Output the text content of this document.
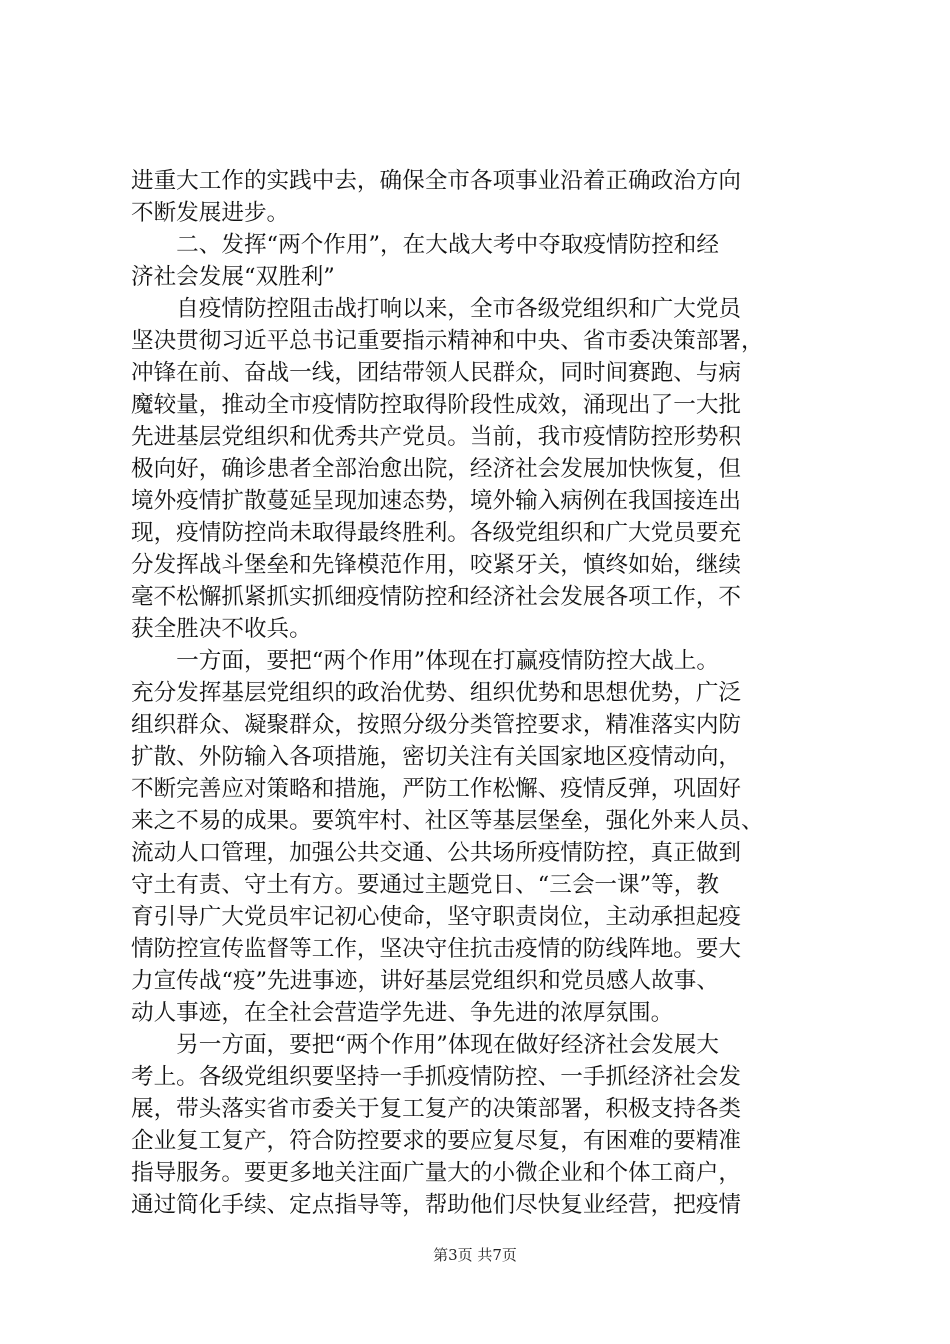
进重大工作的实践中去，确保全市各项事业沿着正确政治方向
不断发展进步。
　　二、发挥“两个作用”，在大战大考中夺取疫情防控和经
济社会发展“双胜利”
　　自疫情防控阻击战打响以来，全市各级党组织和广大党员
坚决贯彻习近平总书记重要指示精神和中央、省市委决策部署，
冲锋在前、奋战一线，团结带领人民群众，同时间赛跑、与病
魔较量，推动全市疫情防控取得阶段性成效，涌现出了一大批
先进基层党组织和优秀共产党员。当前，我市疫情防控形势积
极向好，确诊患者全部治愈出院，经济社会发展加快恢复，但
境外疫情扩散蔓延呈现加速态势，境外输入病例在我国接连出
现，疫情防控尚未取得最终胜利。各级党组织和广大党员要充
分发挥战斗堡垒和先锋模范作用，咬紧牙关，慎终如始，继续
毫不松懈抓紧抓实抓细疫情防控和经济社会发展各项工作，不
获全胜决不收兵。
　　一方面，要把“两个作用”体现在打赢疫情防控大战上。
充分发挥基层党组织的政治优势、组织优势和思想优势，广泛
组织群众、凝聚群众，按照分级分类管控要求，精准落实内防
扩散、外防输入各项措施，密切关注有关国家地区疫情动向，
不断完善应对策略和措施，严防工作松懈、疫情反弹，巩固好
来之不易的成果。要筑牢村、社区等基层堡垒，强化外来人员、
流动人口管理，加强公共交通、公共场所疫情防控，真正做到
守土有责、守土有方。要通过主题党日、“三会一课”等，教
育引导广大党员牢记初心使命，坚守职责岗位，主动承担起疫
情防控宣传监督等工作，坚决守住抗击疫情的防线阵地。要大
力宣传战“疫”先进事迹，讲好基层党组织和党员感人故事、
动人事迹，在全社会营造学先进、争先进的浓厚氛围。
　　另一方面，要把“两个作用”体现在做好经济社会发展大
考上。各级党组织要坚持一手抓疫情防控、一手抓经济社会发
展，带头落实省市委关于复工复产的决策部署，积极支持各类
企业复工复产，符合防控要求的要应复尽复，有困难的要精准
指导服务。要更多地关注面广量大的小微企业和个体工商户，
通过简化手续、定点指导等，帮助他们尽快复业经营，把疫情
第3页 共7页
